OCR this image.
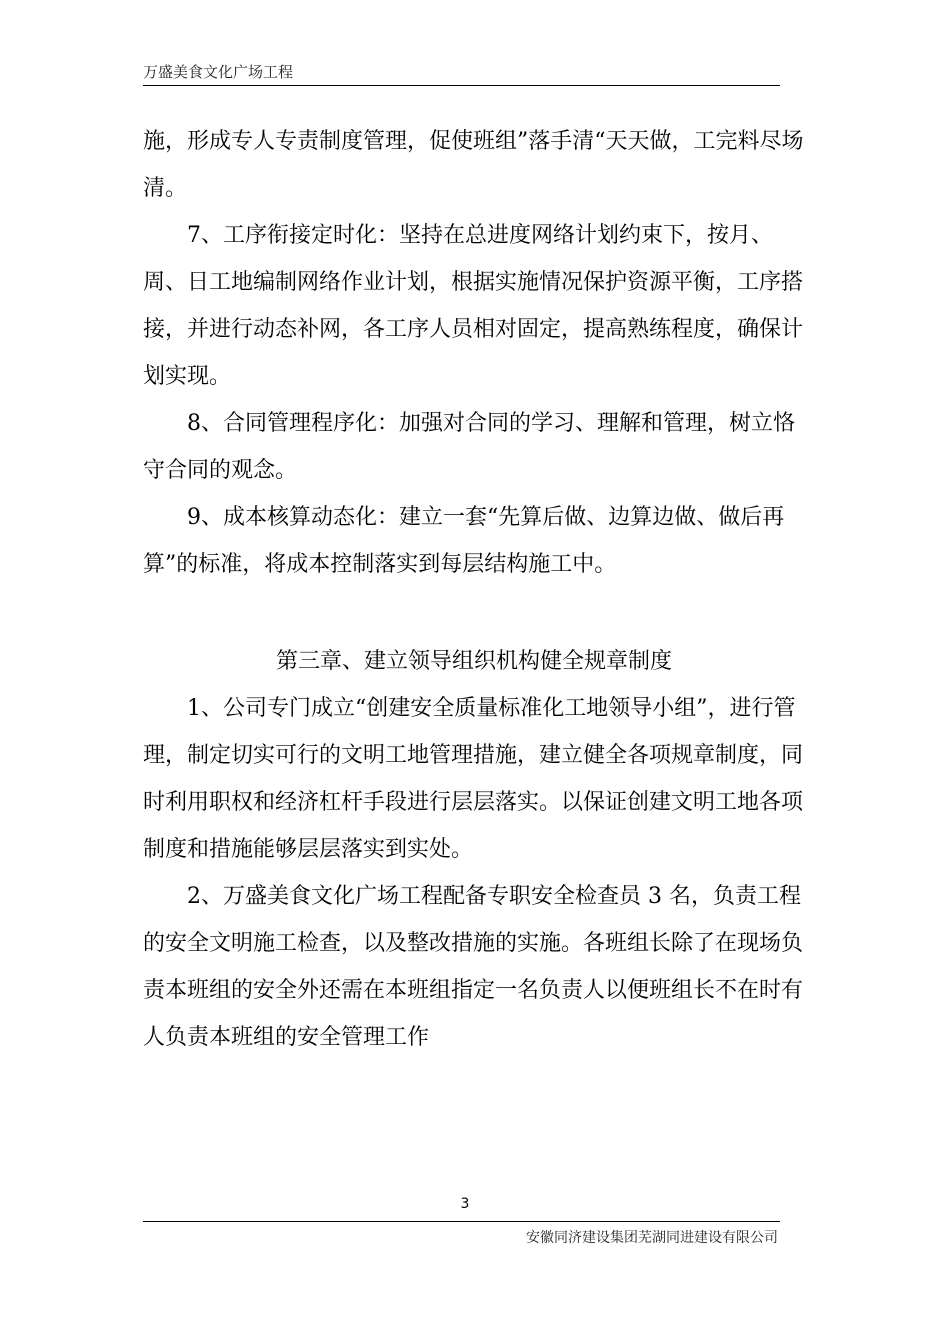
万盛美食文化广场工程

施，形成专人专责制度管理，促使班组”落手清“天天做，工完料尽场清。

7、工序衔接定时化：坚持在总进度网络计划约束下，按月、周、日工地编制网络作业计划，根据实施情况保护资源平衡，工序搭接，并进行动态补网，各工序人员相对固定，提高熟练程度，确保计划实现。

8、合同管理程序化：加强对合同的学习、理解和管理，树立恪守合同的观念。

9、成本核算动态化：建立一套“先算后做、边算边做、做后再算”的标准，将成本控制落实到每层结构施工中。

第三章、建立领导组织机构健全规章制度

1、公司专门成立“创建安全质量标准化工地领导小组”，进行管理，制定切实可行的文明工地管理措施，建立健全各项规章制度，同时利用职权和经济杠杆手段进行层层落实。以保证创建文明工地各项制度和措施能够层层落实到实处。

2、万盛美食文化广场工程配备专职安全检查员 3 名，负责工程的安全文明施工检查，以及整改措施的实施。各班组长除了在现场负责本班组的安全外还需在本班组指定一名负责人以便班组长不在时有人负责本班组的安全管理工作

3
安徽同济建设集团芜湖同进建设有限公司
